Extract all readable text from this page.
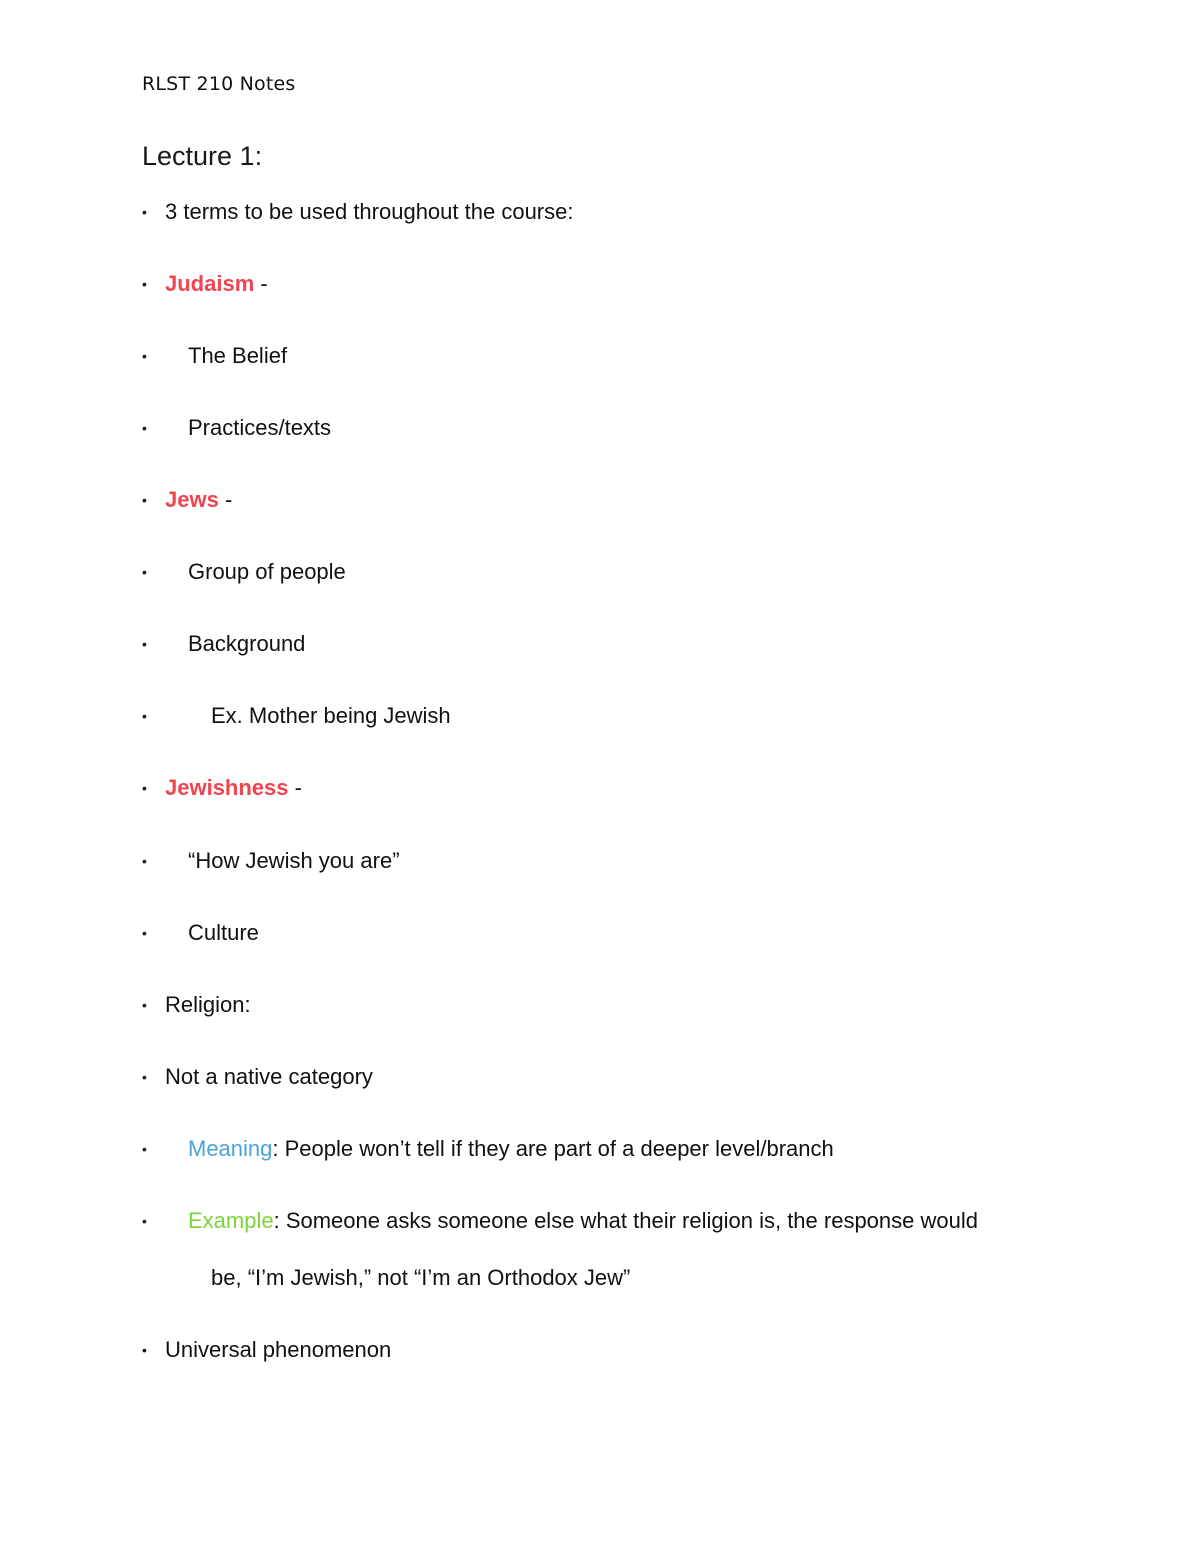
RLST 210 Notes
Lecture 1:
• 3 terms to be used throughout the course:
• Judaism -
• The Belief
• Practices/texts
• Jews -
• Group of people
• Background
•	Ex. Mother being Jewish
• Jewishness -
• “How Jewish you are”
• Culture
• Religion:
• Not a native category
• Meaning: People won’t tell if they are part of a deeper level/branch
• Example: Someone asks someone else what their religion is, the response would
be, “I’m Jewish,” not “I’m an Orthodox Jew”
• Universal phenomenon
